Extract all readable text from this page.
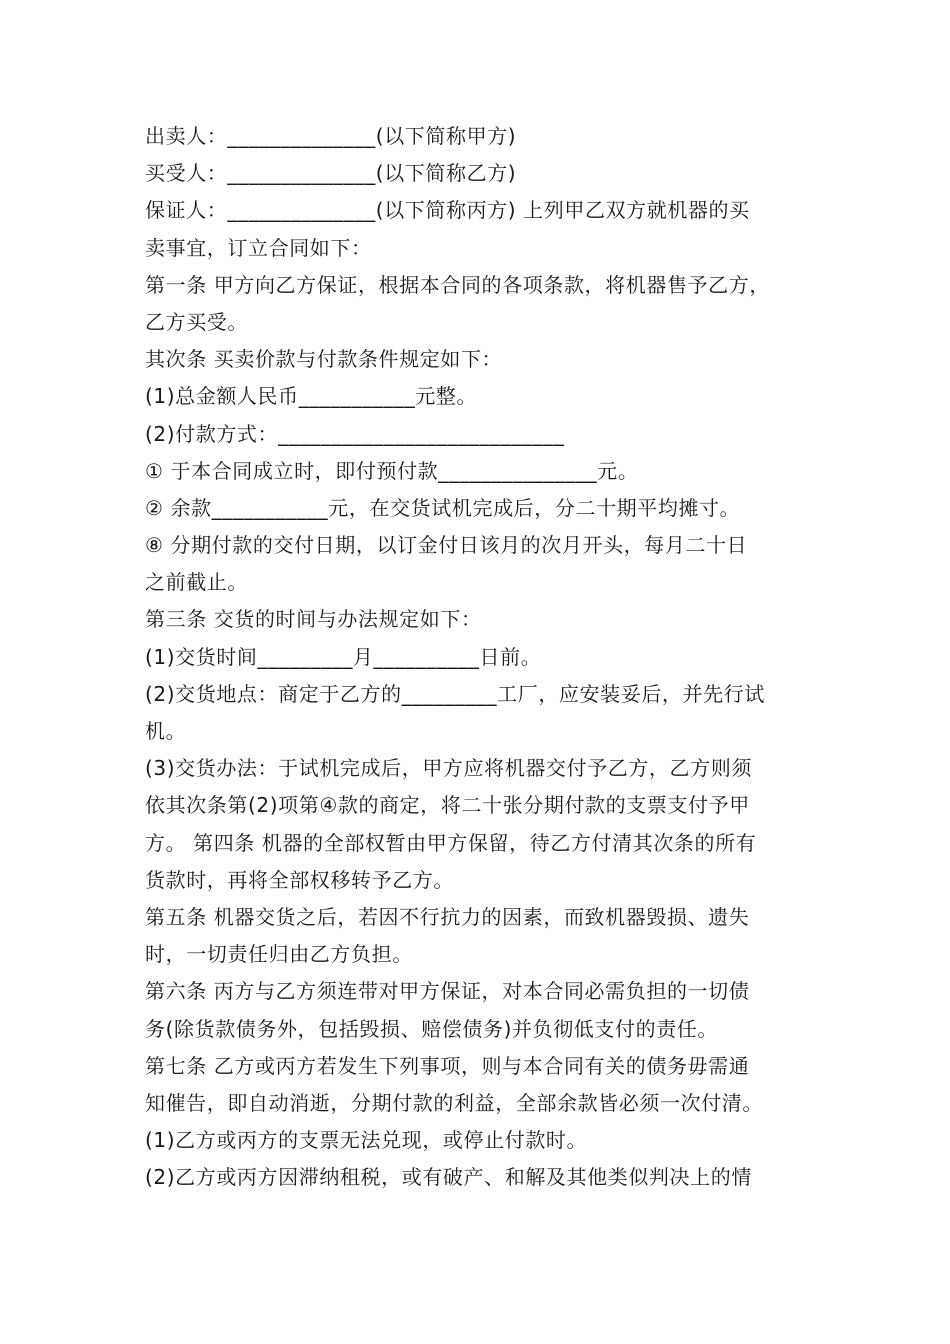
出卖人：______________(以下简称甲方)
买受人：______________(以下简称乙方)
保证人：______________(以下简称丙方) 上列甲乙双方就机器的买
卖事宜，订立合同如下：
第一条 甲方向乙方保证，根据本合同的各项条款，将机器售予乙方，
乙方买受。
其次条 买卖价款与付款条件规定如下：
(1)总金额人民币___________元整。
(2)付款方式：___________________________
① 于本合同成立时，即付预付款_______________元。
② 余款___________元，在交货试机完成后，分二十期平均摊寸。
⑧ 分期付款的交付日期，以订金付日该月的次月开头，每月二十日
之前截止。
第三条 交货的时间与办法规定如下：
(1)交货时间_________月__________日前。
(2)交货地点：商定于乙方的_________工厂，应安装妥后，并先行试
机。
(3)交货办法：于试机完成后，甲方应将机器交付予乙方，乙方则须
依其次条第(2)项第④款的商定，将二十张分期付款的支票支付予甲
方。 第四条 机器的全部权暂由甲方保留，待乙方付清其次条的所有
货款时，再将全部权移转予乙方。
第五条 机器交货之后，若因不行抗力的因素，而致机器毁损、遗失
时，一切责任归由乙方负担。
第六条 丙方与乙方须连带对甲方保证，对本合同必需负担的一切债
务(除货款债务外，包括毁损、赔偿债务)并负彻低支付的责任。
第七条 乙方或丙方若发生下列事项，则与本合同有关的债务毋需通
知催告，即自动消逝，分期付款的利益，全部余款皆必须一次付清。
(1)乙方或丙方的支票无法兑现，或停止付款时。
(2)乙方或丙方因滞纳租税，或有破产、和解及其他类似判决上的情
